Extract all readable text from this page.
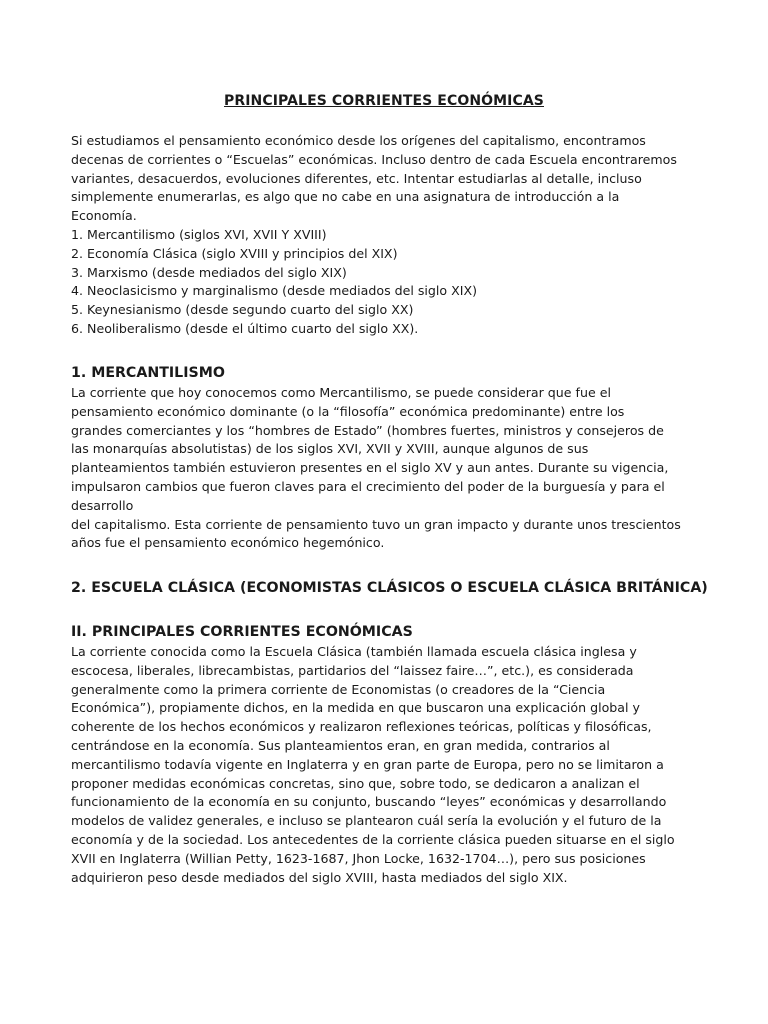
PRINCIPALES CORRIENTES ECONÓMICAS
Si estudiamos el pensamiento económico desde los orígenes del capitalismo, encontramos
decenas de corrientes o “Escuelas” económicas. Incluso dentro de cada Escuela encontraremos
variantes, desacuerdos, evoluciones diferentes, etc. Intentar estudiarlas al detalle, incluso
simplemente enumerarlas, es algo que no cabe en una asignatura de introducción a la
Economía.
1. Mercantilismo (siglos XVI, XVII Y XVIII)
2. Economía Clásica (siglo XVIII y principios del XIX)
3. Marxismo (desde mediados del siglo XIX)
4. Neoclasicismo y marginalismo (desde mediados del siglo XIX)
5. Keynesianismo (desde segundo cuarto del siglo XX)
6. Neoliberalismo (desde el último cuarto del siglo XX).
1. MERCANTILISMO
La corriente que hoy conocemos como Mercantilismo, se puede considerar que fue el
pensamiento económico dominante (o la “filosofía” económica predominante) entre los
grandes comerciantes y los “hombres de Estado” (hombres fuertes, ministros y consejeros de
las monarquías absolutistas) de los siglos XVI, XVII y XVIII, aunque algunos de sus
planteamientos también estuvieron presentes en el siglo XV y aun antes. Durante su vigencia,
impulsaron cambios que fueron claves para el crecimiento del poder de la burguesía y para el
desarrollo
del capitalismo. Esta corriente de pensamiento tuvo un gran impacto y durante unos trescientos
años fue el pensamiento económico hegemónico.
2. ESCUELA CLÁSICA (ECONOMISTAS CLÁSICOS O ESCUELA CLÁSICA BRITÁNICA)
II. PRINCIPALES CORRIENTES ECONÓMICAS
La corriente conocida como la Escuela Clásica (también llamada escuela clásica inglesa y
escocesa, liberales, librecambistas, partidarios del “laissez faire…”, etc.), es considerada
generalmente como la primera corriente de Economistas (o creadores de la “Ciencia
Económica”), propiamente dichos, en la medida en que buscaron una explicación global y
coherente de los hechos económicos y realizaron reflexiones teóricas, políticas y filosóficas,
centrándose en la economía. Sus planteamientos eran, en gran medida, contrarios al
mercantilismo todavía vigente en Inglaterra y en gran parte de Europa, pero no se limitaron a
proponer medidas económicas concretas, sino que, sobre todo, se dedicaron a analizan el
funcionamiento de la economía en su conjunto, buscando “leyes” económicas y desarrollando
modelos de validez generales, e incluso se plantearon cuál sería la evolución y el futuro de la
economía y de la sociedad. Los antecedentes de la corriente clásica pueden situarse en el siglo
XVII en Inglaterra (Willian Petty, 1623-1687, Jhon Locke, 1632-1704…), pero sus posiciones
adquirieron peso desde mediados del siglo XVIII, hasta mediados del siglo XIX.
